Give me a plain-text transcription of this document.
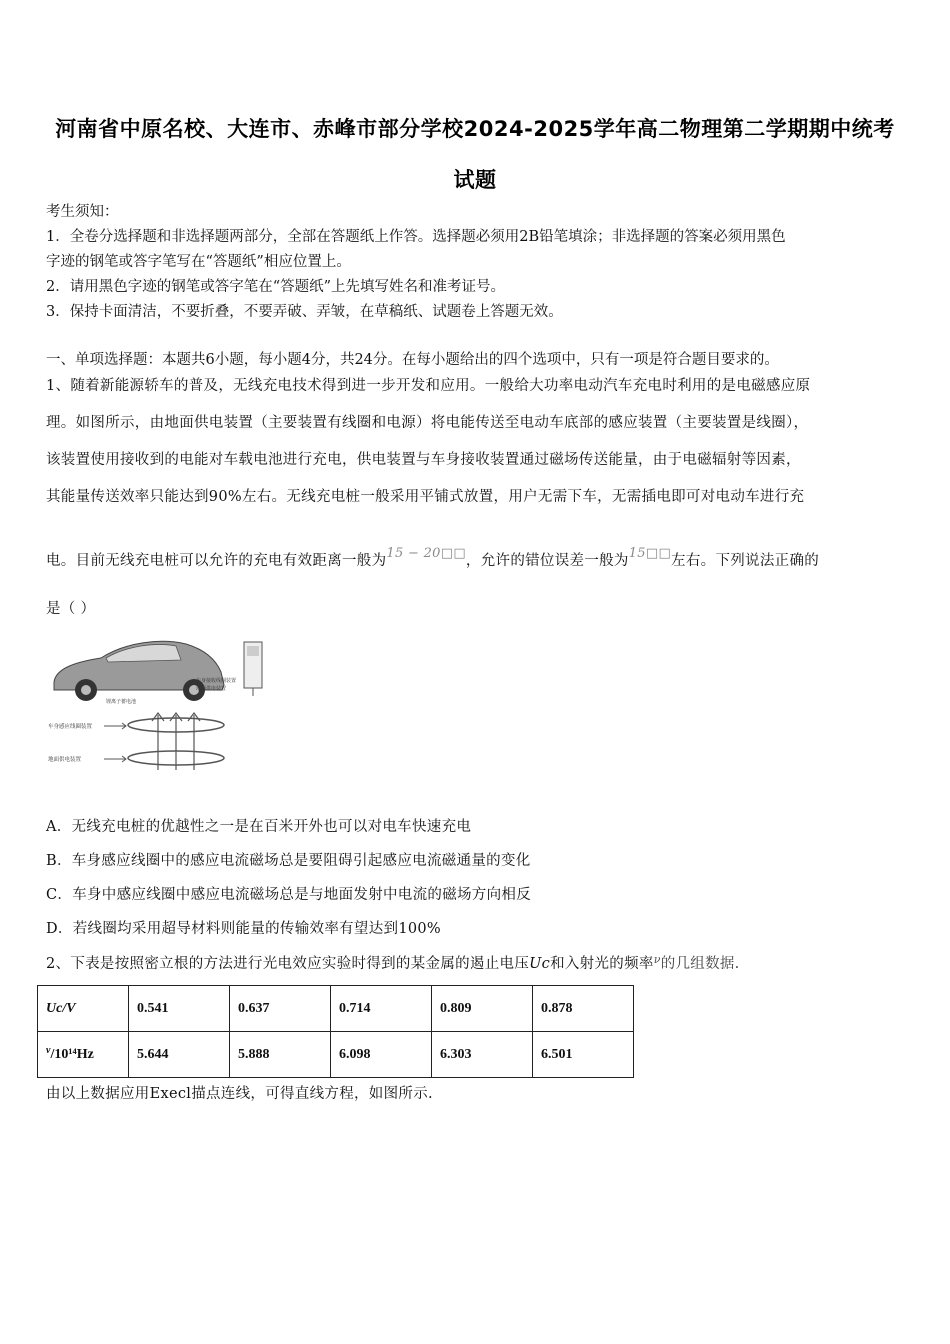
河南省中原名校、大连市、赤峰市部分学校2024-2025学年高二物理第二学期期中统考
试题
考生须知：
1．全卷分选择题和非选择题两部分，全部在答题纸上作答。选择题必须用2B铅笔填涂；非选择题的答案必须用黑色
字迹的钢笔或答字笔写在“答题纸”相应位置上。
2．请用黑色字迹的钢笔或答字笔在“答题纸”上先填写姓名和准考证号。
3．保持卡面清洁，不要折叠，不要弄破、弄皱，在草稿纸、试题卷上答题无效。
一、单项选择题：本题共6小题，每小题4分，共24分。在每小题给出的四个选项中，只有一项是符合题目要求的。
1、随着新能源轿车的普及，无线充电技术得到进一步开发和应用。一般给大功率电动汽车充电时利用的是电磁感应原
理。如图所示，由地面供电装置（主要装置有线圈和电源）将电能传送至电动车底部的感应装置（主要装置是线圈），
该装置使用接收到的电能对车载电池进行充电，供电装置与车身接收装置通过磁场传送能量，由于电磁辐射等因素，
其能量传送效率只能达到90%左右。无线充电桩一般采用平铺式放置，用户无需下车，无需插电即可对电动车进行充
电。目前无线充电桩可以允许的充电有效距离一般为15 − 20□□，允许的错位误差一般为15□□左右。下列说法正确的
是（ ）
车身接收线圈装置
地面供电装置
锂离子蓄电池
车身感应线圈装置
地面供电装置
A．无线充电桩的优越性之一是在百米开外也可以对电车快速充电
B．车身感应线圈中的感应电流磁场总是要阻碍引起感应电流磁通量的变化
C．车身中感应线圈中感应电流磁场总是与地面发射中电流的磁场方向相反
D．若线圈均采用超导材料则能量的传输效率有望达到100%
2、下表是按照密立根的方法进行光电效应实验时得到的某金属的遏止电压Uc和入射光的频率$^\nu$的几组数据.
Uc/V	0.541	0.637	0.714	0.809	0.878
$^\nu$/10¹⁴Hz	5.644	5.888	6.098	6.303	6.501
由以上数据应用Execl描点连线，可得直线方程，如图所示.
